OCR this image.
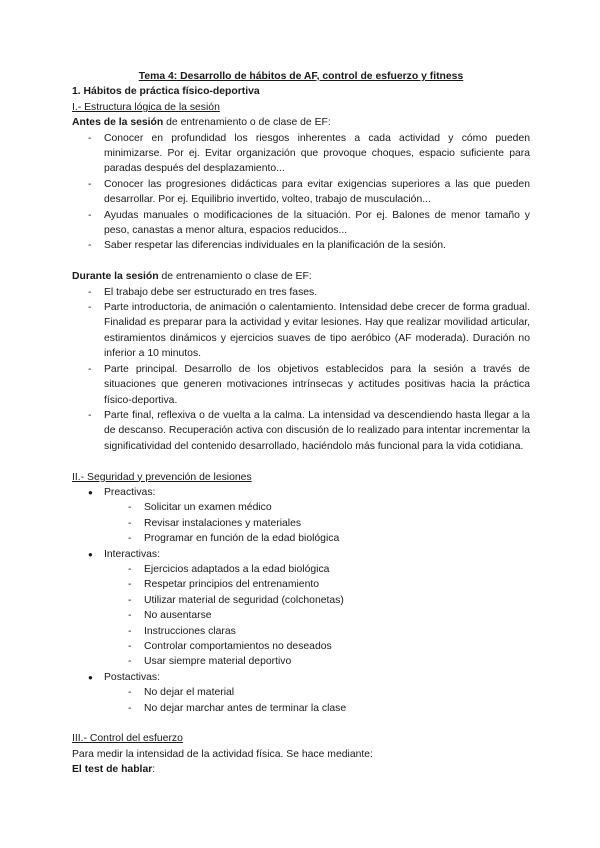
Tema 4: Desarrollo de hábitos de AF, control de esfuerzo y fitness

1. Hábitos de práctica físico-deportiva

I.- Estructura lógica de la sesión

Antes de la sesión de entrenamiento o de clase de EF:

- Conocer en profundidad los riesgos inherentes a cada actividad y cómo pueden minimizarse. Por ej. Evitar organización que provoque choques, espacio suficiente para paradas después del desplazamiento...
- Conocer las progresiones didácticas para evitar exigencias superiores a las que pueden desarrollar. Por ej. Equilibrio invertido, volteo, trabajo de musculación...
- Ayudas manuales o modificaciones de la situación. Por ej. Balones de menor tamaño y peso, canastas a menor altura, espacios reducidos...
- Saber respetar las diferencias individuales en la planificación de la sesión.

Durante la sesión de entrenamiento o clase de EF:

- El trabajo debe ser estructurado en tres fases.
- Parte introductoria, de animación o calentamiento. Intensidad debe crecer de forma gradual. Finalidad es preparar para la actividad y evitar lesiones. Hay que realizar movilidad articular, estiramientos dinámicos y ejercicios suaves de tipo aeróbico (AF moderada). Duración no inferior a 10 minutos.
- Parte principal. Desarrollo de los objetivos establecidos para la sesión a través de situaciones que generen motivaciones intrínsecas y actitudes positivas hacia la práctica físico-deportiva.
- Parte final, reflexiva o de vuelta a la calma. La intensidad va descendiendo hasta llegar a la de descanso. Recuperación activa con discusión de lo realizado para intentar incrementar la significatividad del contenido desarrollado, haciéndolo más funcional para la vida cotidiana.

II.- Seguridad y prevención de lesiones

● Preactivas:
- Solicitar un examen médico
- Revisar instalaciones y materiales
- Programar en función de la edad biológica
● Interactivas:
- Ejercicios adaptados a la edad biológica
- Respetar principios del entrenamiento
- Utilizar material de seguridad (colchonetas)
- No ausentarse
- Instrucciones claras
- Controlar comportamientos no deseados
- Usar siempre material deportivo
● Postactivas:
- No dejar el material
- No dejar marchar antes de terminar la clase

III.- Control del esfuerzo

Para medir la intensidad de la actividad física. Se hace mediante:

El test de hablar:
